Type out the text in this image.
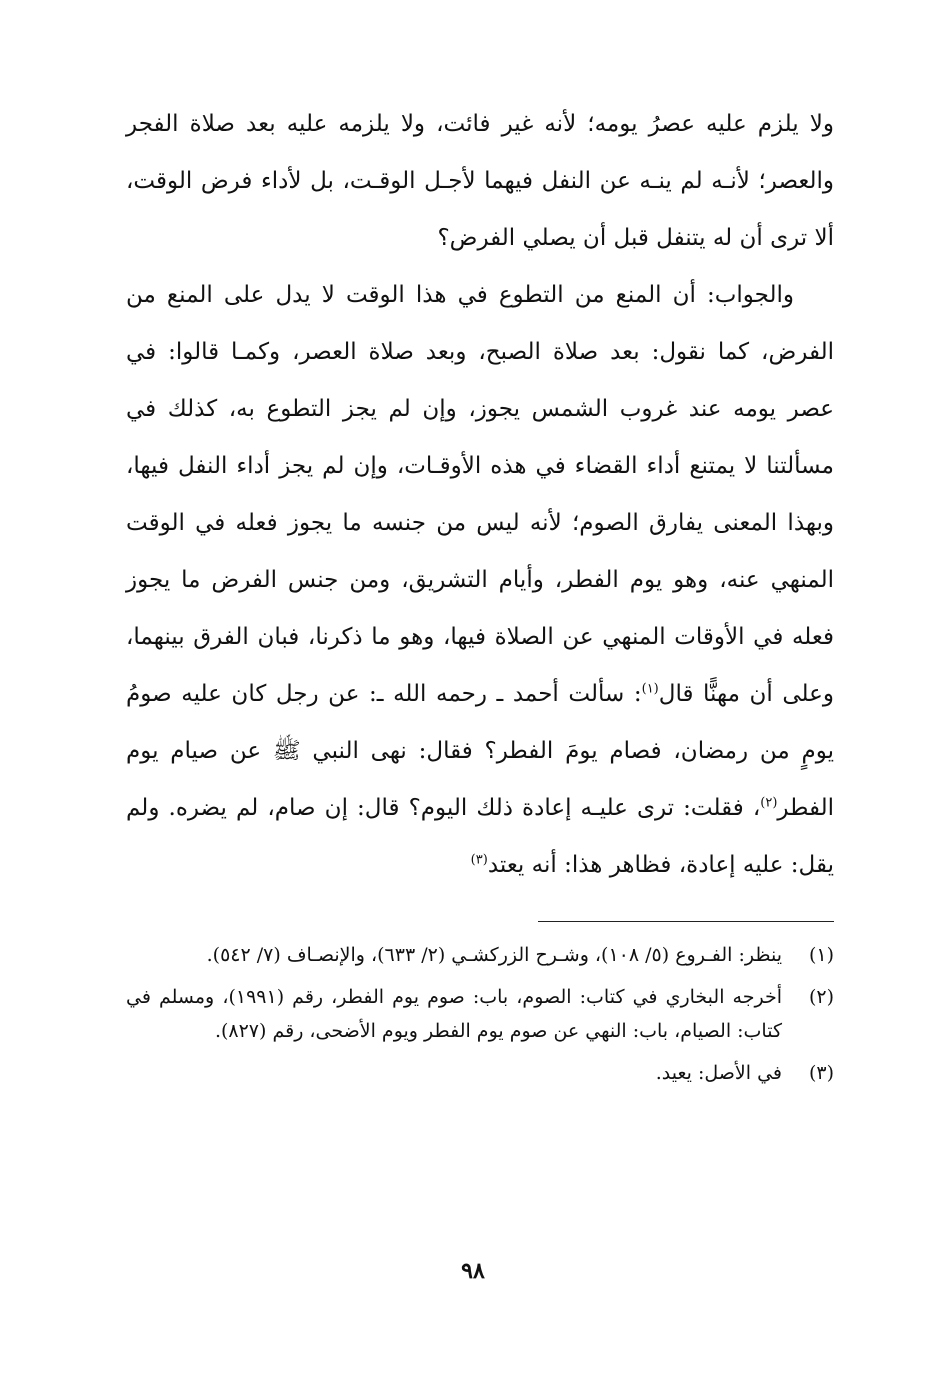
ولا يلزم عليه عصرُ يومه؛ لأنه غير فائت، ولا يلزمه عليه بعد صلاة الفجر والعصر؛ لأنـه لم ينـه عن النفل فيهما لأجـل الوقـت، بل لأداء فرض الوقت، ألا ترى أن له يتنفل قبل أن يصلي الفرض؟

والجواب: أن المنع من التطوع في هذا الوقت لا يدل على المنع من الفرض، كما نقول: بعد صلاة الصبح، وبعد صلاة العصر، وكمـا قالوا: في عصر يومه عند غروب الشمس يجوز، وإن لم يجز التطوع به، كذلك في مسألتنا لا يمتنع أداء القضاء في هذه الأوقـات، وإن لم يجز أداء النفل فيها، وبهذا المعنى يفارق الصوم؛ لأنه ليس من جنسه ما يجوز فعله في الوقت المنهي عنه، وهو يوم الفطر، وأيام التشريق، ومن جنس الفرض ما يجوز فعله في الأوقات المنهي عن الصلاة فيها، وهو ما ذكرنا، فبان الفرق بينهما، وعلى أن مهنًّا قال$^{(١)}$: سألت أحمد ـ رحمه الله ـ: عن رجل كان عليه صومُ يومٍ من رمضان، فصام يومَ الفطر؟ فقال: نهى النبي ﷺ عن صيام يوم الفطر$^{(٢)}$، فقلت: ترى عليـه إعادة ذلك اليوم؟ قال: إن صام، لم يضره. ولم يقل: عليه إعادة، فظاهر هذا: أنه يعتد$^{(٣)}$

(١)
ينظر: الفـروع (٥/ ١٠٨)، وشـرح الزركشـي (٢/ ٦٣٣)، والإنصـاف (٧/ ٥٤٢).
(٢)
أخرجه البخاري في كتاب: الصوم، باب: صوم يوم الفطر، رقم (١٩٩١)، ومسلم في كتاب: الصيام، باب: النهي عن صوم يوم الفطر ويوم الأضحى، رقم (٨٢٧).
(٣)
في الأصل: يعيد.
٩٨
